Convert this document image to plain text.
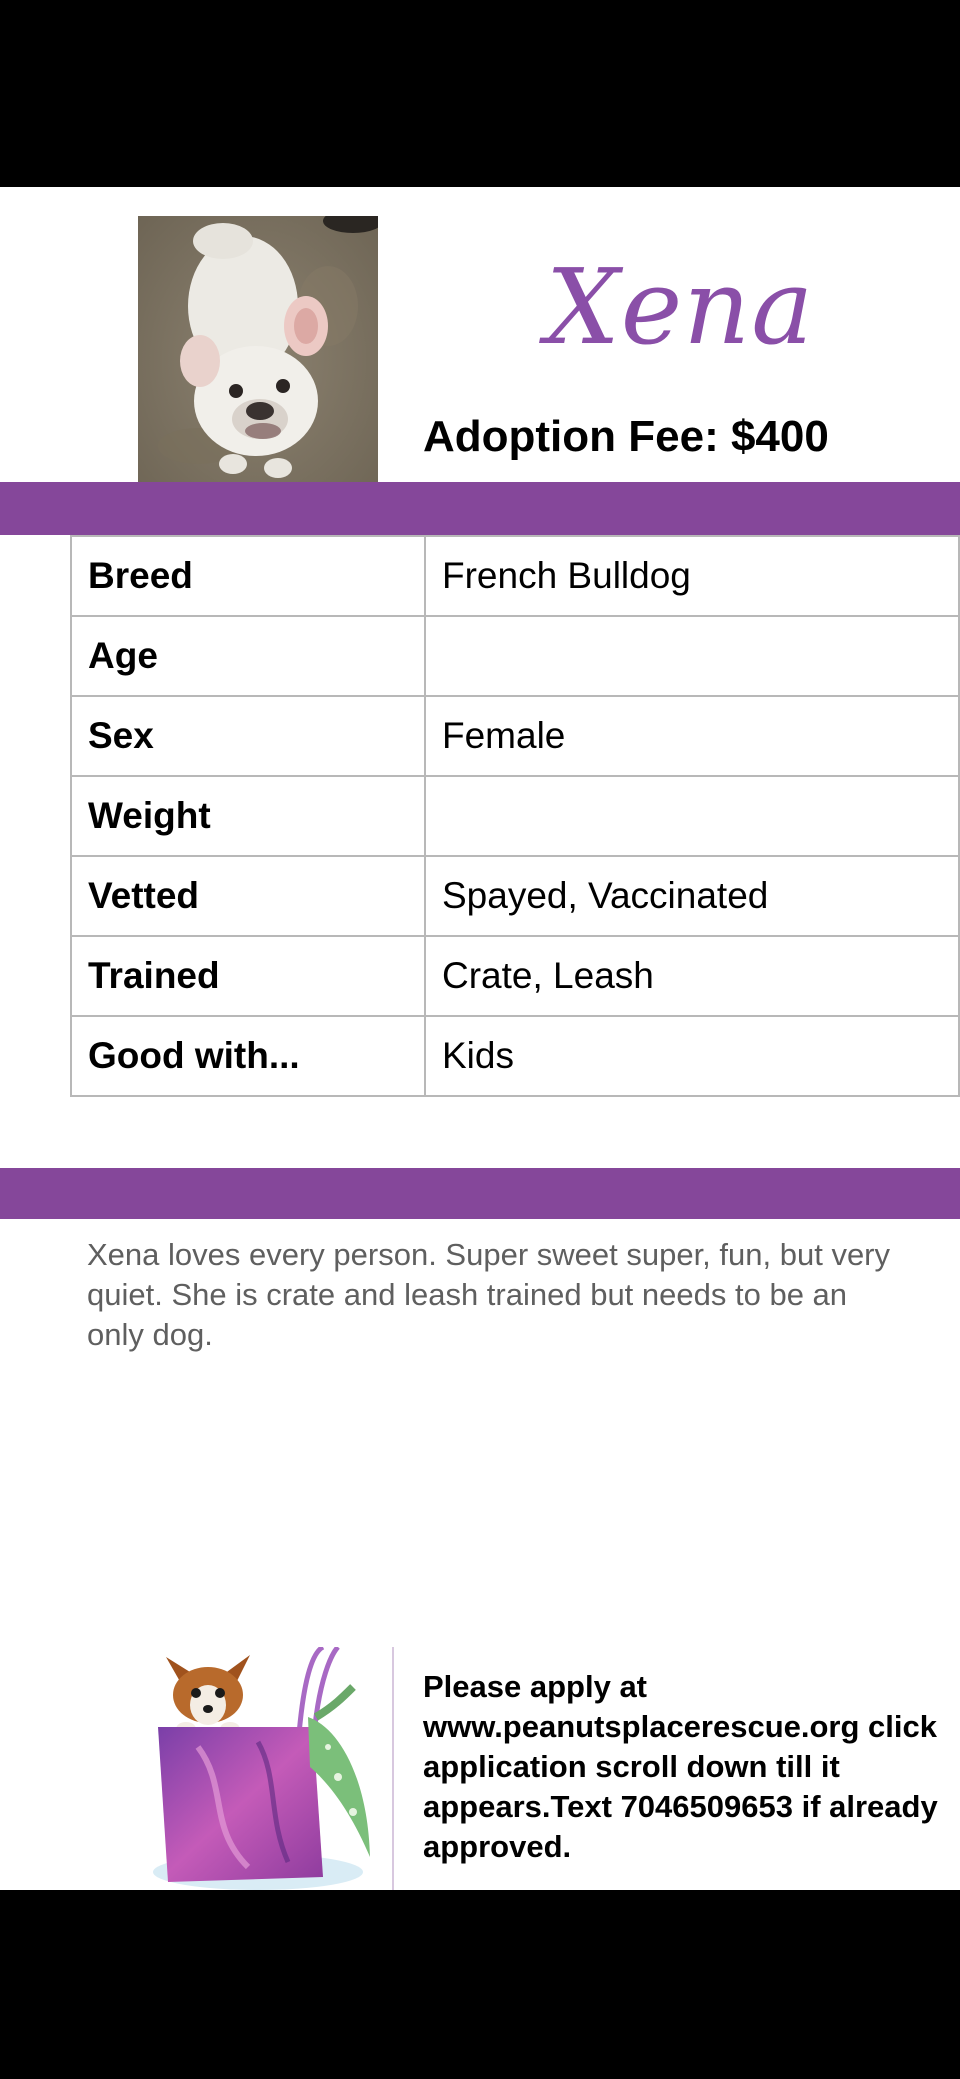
Xena
Adoption Fee: $400
Breed	French Bulldog
Age	
Sex	Female
Weight	
Vetted	Spayed, Vaccinated
Trained	Crate, Leash
Good with...	Kids
Xena loves every person. Super sweet super, fun, but very quiet. She is crate and leash trained but needs to be an only dog.
Please apply at www.peanutsplacerescue.org click application scroll down till it appears.Text 7046509653 if already approved.
